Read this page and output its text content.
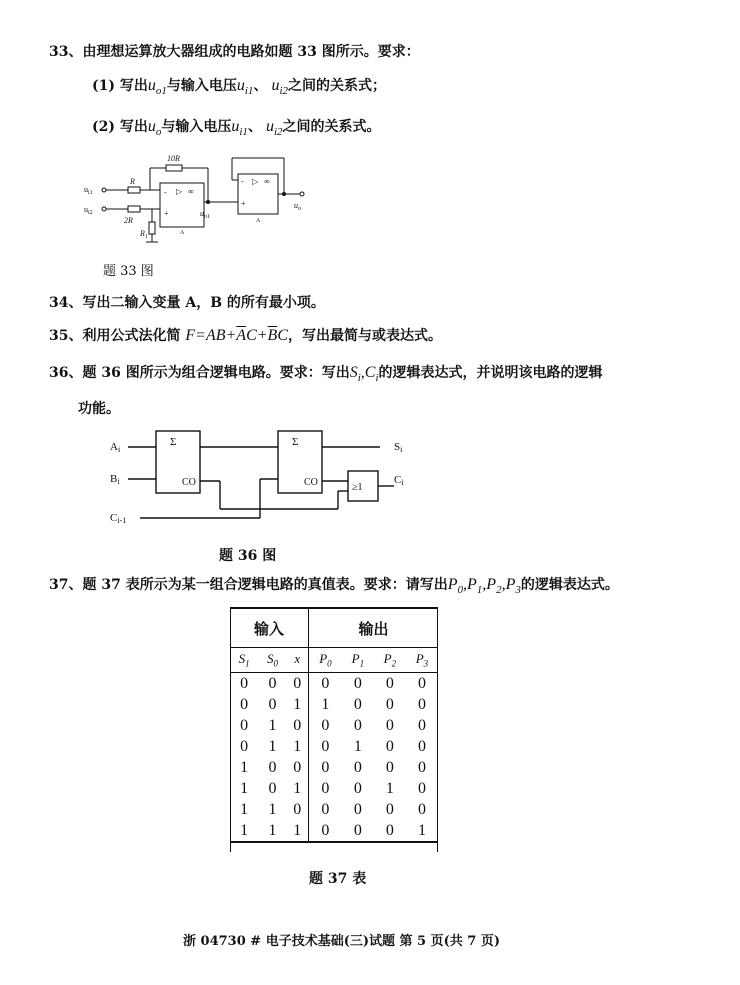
33、由理想运算放大器组成的电路如题 33 图所示。要求：
(1) 写出$u_{o1}$与输入电压$u_{i1}$、 $u_{i2}$之间的关系式；
(2) 写出$u_o$与输入电压$u_{i1}$、 $u_{i2}$之间的关系式。
$u_{i1}$
$u_{i2}$
R
2R
10R
$R_1$
-
+
▷ ∞
A
$u_{o1}$
-
+
▷ ∞
A
$u_o$
题 33 图
34、写出二输入变量 A，B 的所有最小项。
35、利用公式法化简 $F=AB+\overline{A}C+\overline{B}C$，写出最简与或表达式。
36、题 36 图所示为组合逻辑电路。要求：写出$S_i,C_i$的逻辑表达式，并说明该电路的逻辑
功能。
Ai
Bi
Ci-1
Σ
CO
Σ
CO	≥1
Si
Ci
题 36 图
37、题 37 表所示为某一组合逻辑电路的真值表。要求：请写出$P_0,P_1,P_2,P_3$的逻辑表达式。
输入			输出			
$S_1$	$S_0$	x	$P_0$	$P_1$	$P_2$	$P_3$
0	0	0	0	0	0	0
0	0	1	1	0	0	0
0	1	0	0	0	0	0
0	1	1	0	1	0	0
1	0	0	0	0	0	0
1	0	1	0	0	1	0
1	1	0	0	0	0	0
1	1	1	0	0	0	1
题 37 表
浙 04730 # 电子技术基础(三)试题 第 5 页(共 7 页)
